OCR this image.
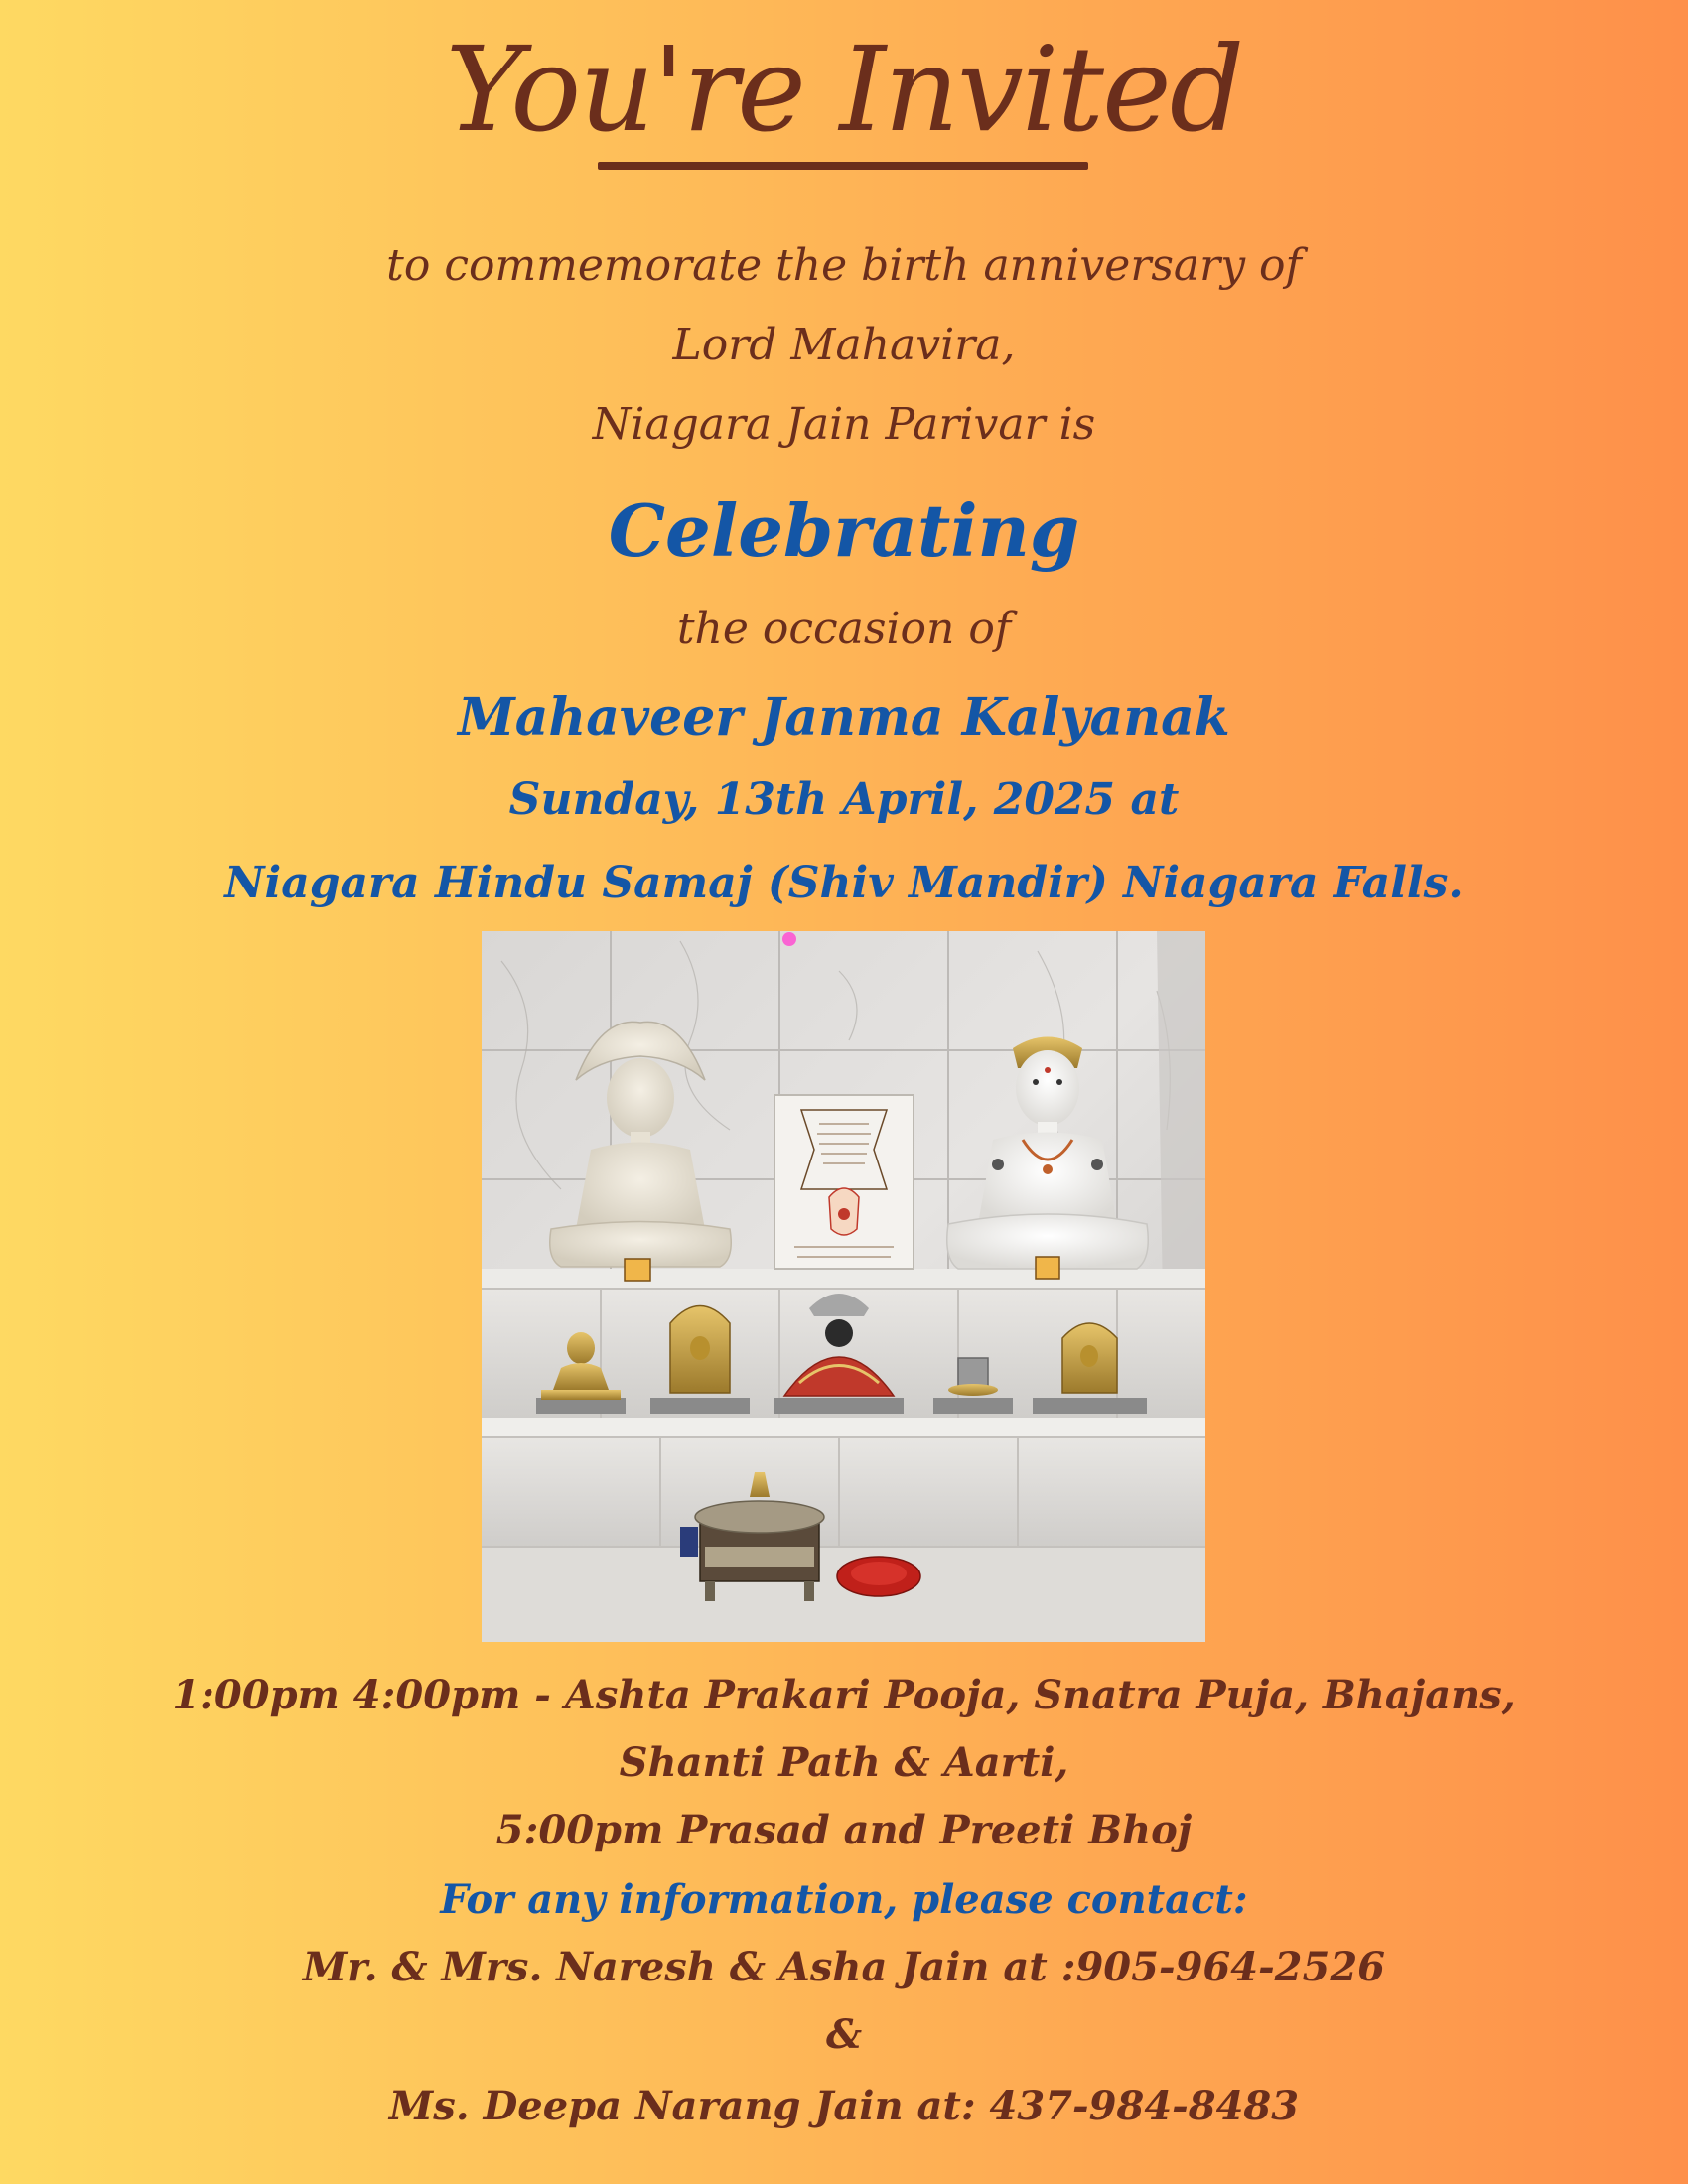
You're Invited
to commemorate the birth anniversary of
Lord Mahavira,
Niagara Jain Parivar is
Celebrating
the occasion of
Mahaveer Janma Kalyanak
Sunday, 13th April, 2025 at
Niagara Hindu Samaj (Shiv Mandir) Niagara Falls.
1:00pm 4:00pm - Ashta Prakari Pooja, Snatra Puja, Bhajans,
Shanti Path & Aarti,
5:00pm Prasad and Preeti Bhoj
For any information, please contact:
Mr. & Mrs. Naresh & Asha Jain at :905-964-2526
&
Ms. Deepa Narang Jain at: 437-984-8483
